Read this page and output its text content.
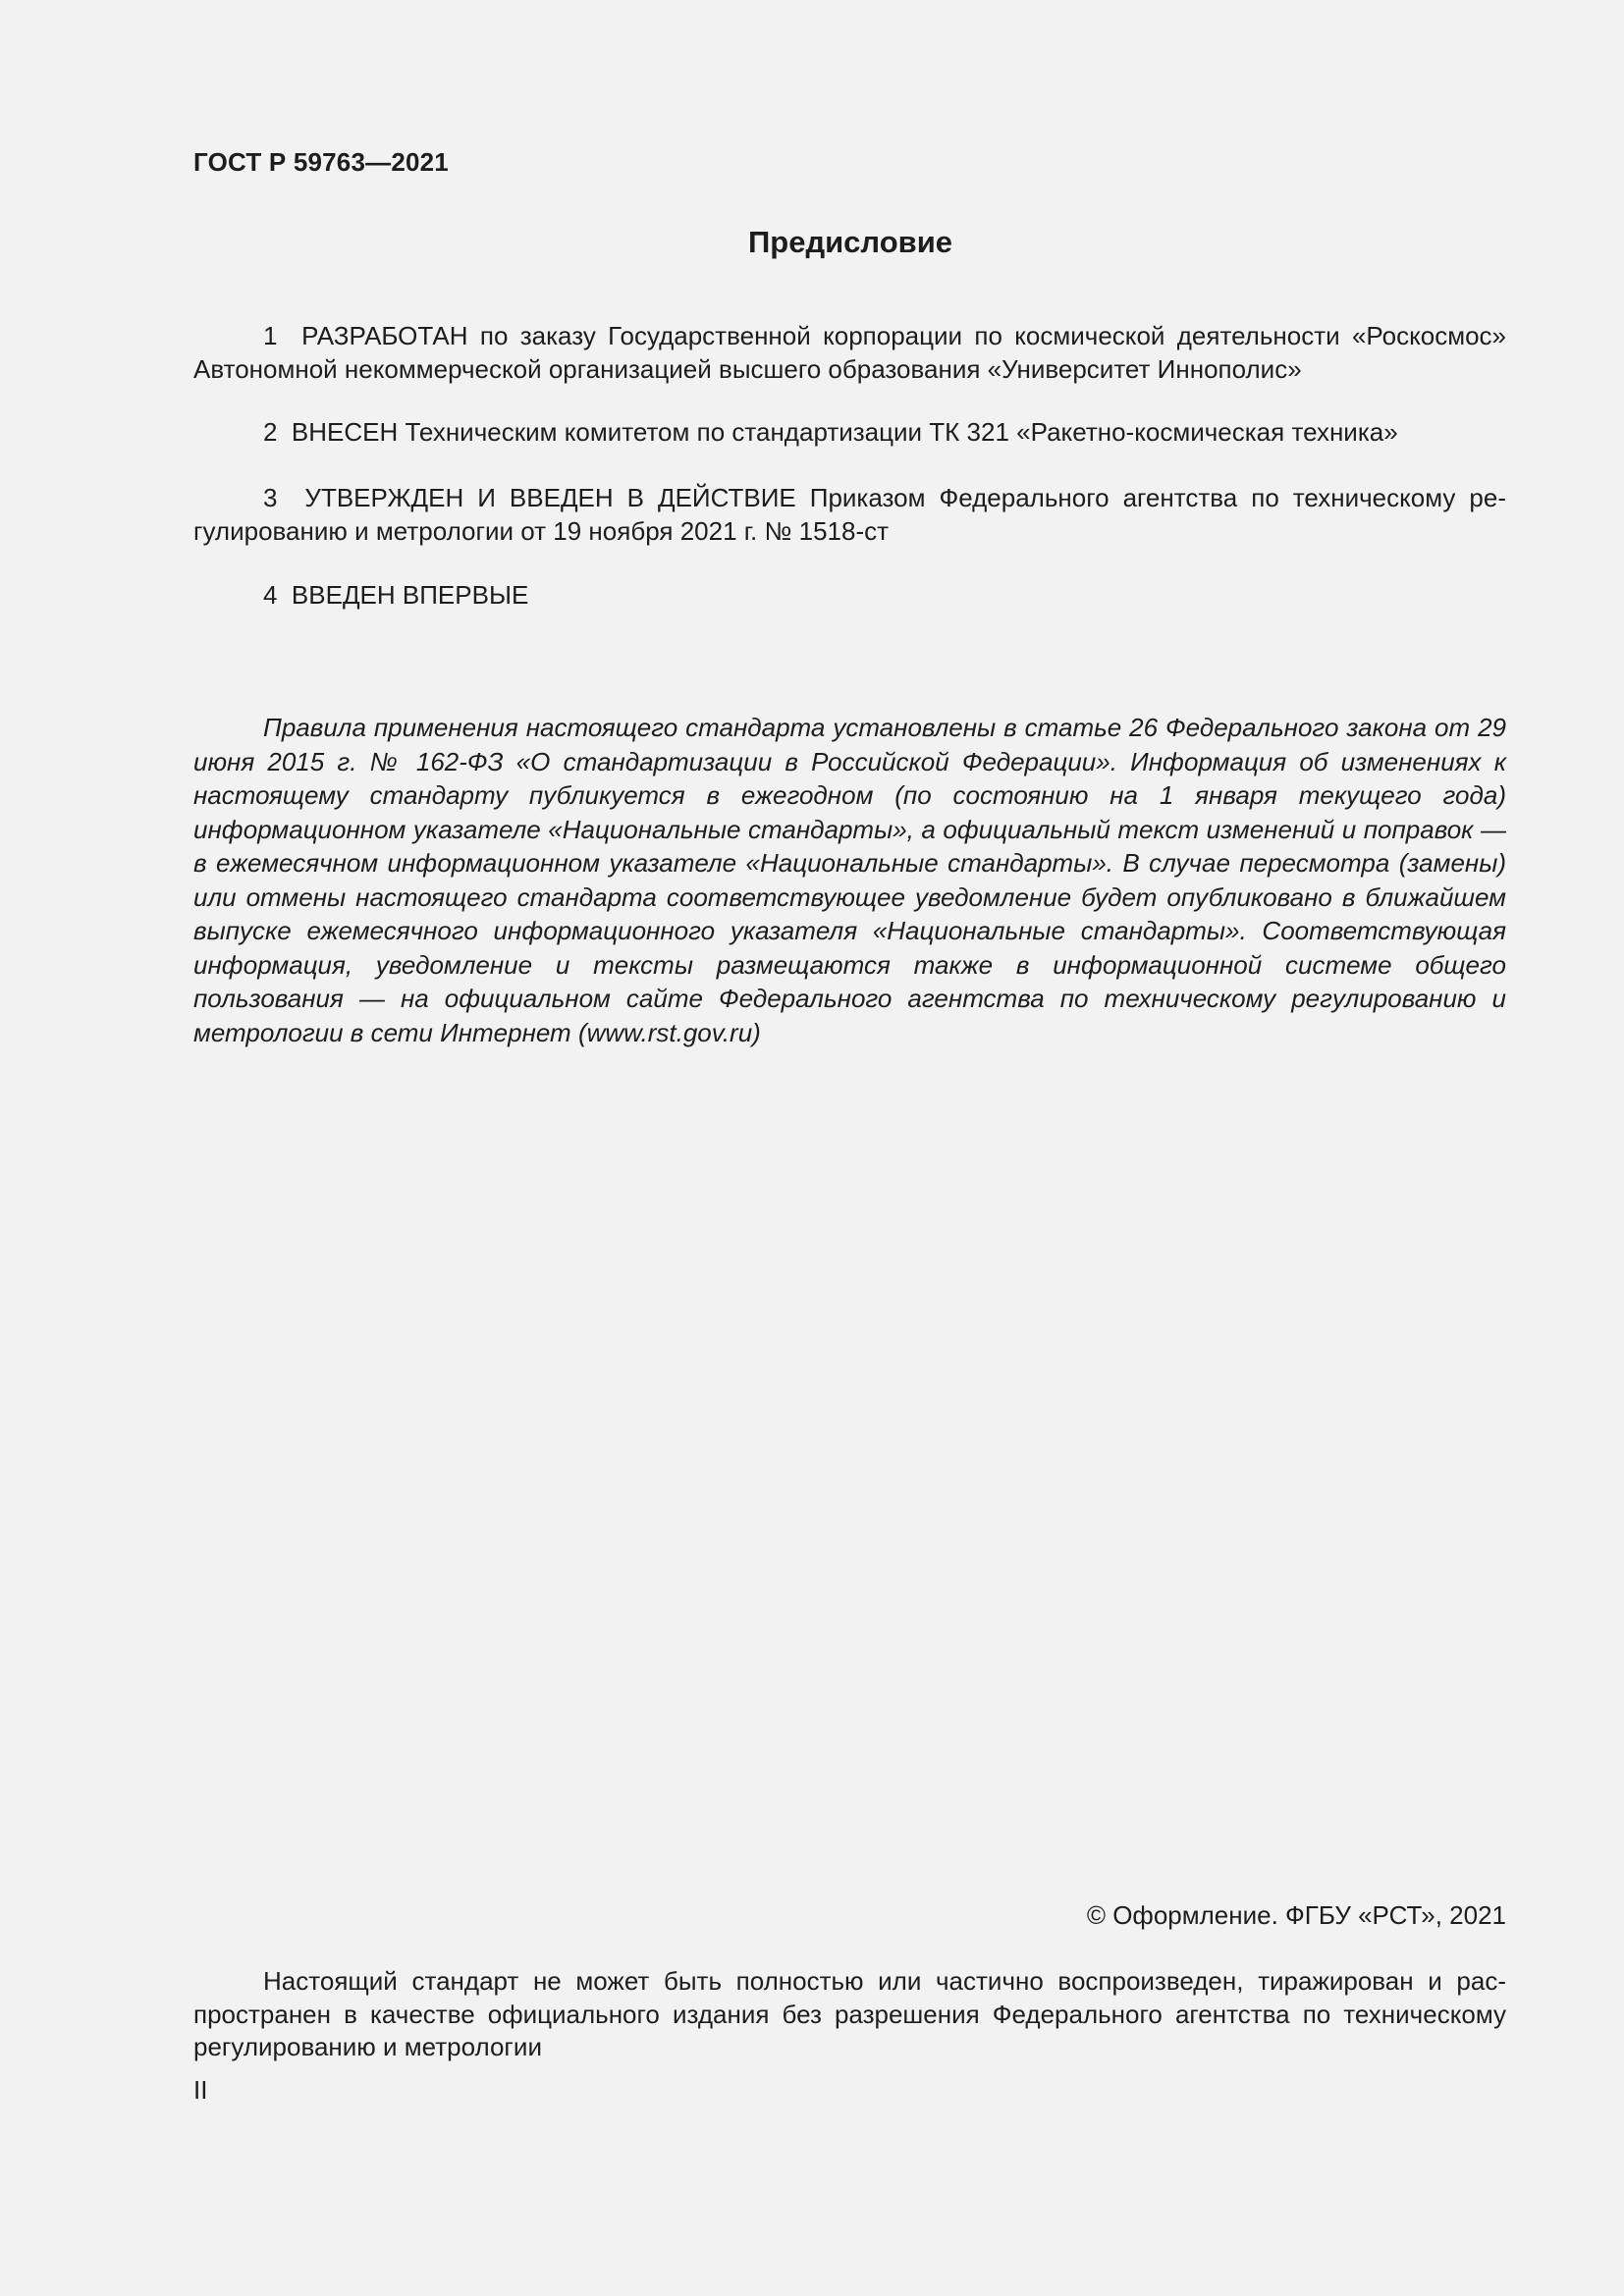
ГОСТ Р 59763—2021
Предисловие

1 РАЗРАБОТАН по заказу Государственной корпорации по космической деятельности «Роскосмос» Автономной некоммерческой организацией высшего образования «Университет Иннополис»

2 ВНЕСЕН Техническим комитетом по стандартизации ТК 321 «Ракетно-космическая техника»

3 УТВЕРЖДЕН И ВВЕДЕН В ДЕЙСТВИЕ Приказом Федерального агентства по техническому регулированию и метрологии от 19 ноября 2021 г. № 1518-ст

4 ВВЕДЕН ВПЕРВЫЕ

Правила применения настоящего стандарта установлены в статье 26 Федерального закона от 29 июня 2015 г. № 162-ФЗ «О стандартизации в Российской Федерации». Информация об изменениях к настоящему стандарту публикуется в ежегодном (по состоянию на 1 января текущего года) информационном указателе «Национальные стандарты», а официальный текст изменений и поправок — в ежемесячном информационном указателе «Национальные стандарты». В случае пересмотра (замены) или отмены настоящего стандарта соответствующее уведомление будет опубликовано в ближайшем выпуске ежемесячного информационного указателя «Национальные стандарты». Соответствующая информация, уведомление и тексты размещаются также в информационной системе общего пользования — на официальном сайте Федерального агентства по техническому регулированию и метрологии в сети Интернет (www.rst.gov.ru)

© Оформление. ФГБУ «РСТ», 2021

Настоящий стандарт не может быть полностью или частично воспроизведен, тиражирован и распространен в качестве официального издания без разрешения Федерального агентства по техническому регулированию и метрологии

II
